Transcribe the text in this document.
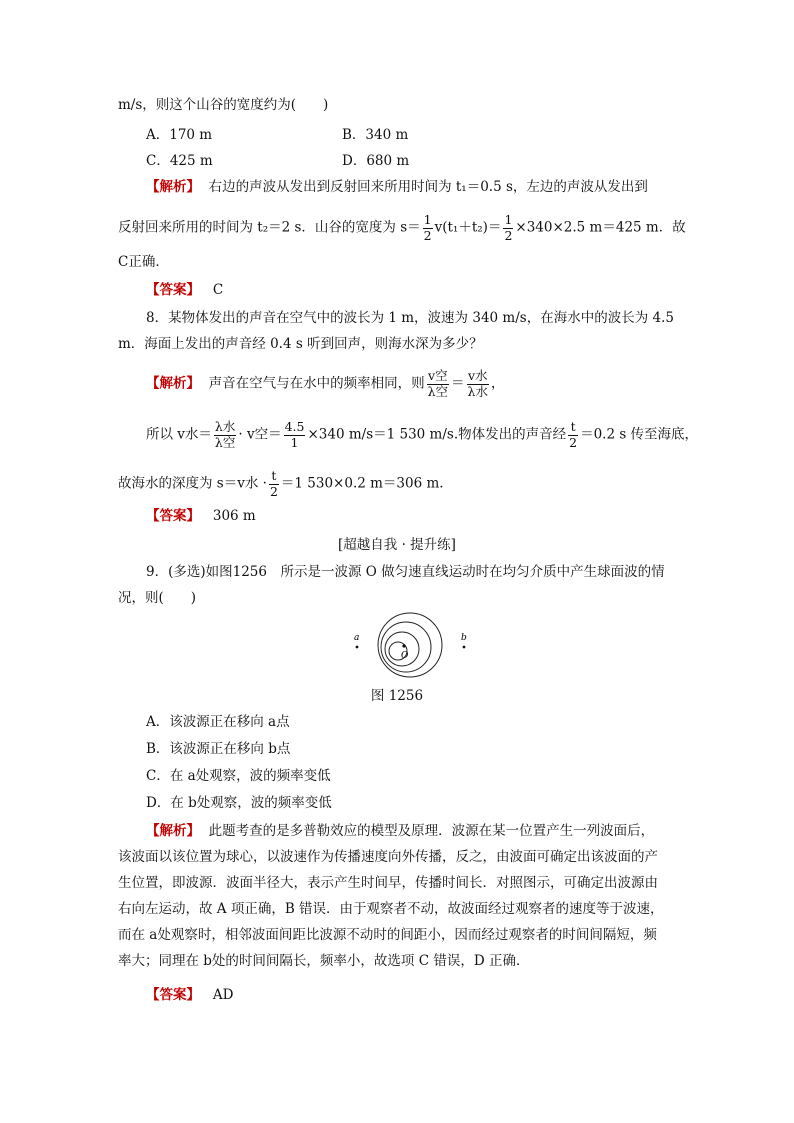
m/s，则这个山谷的宽度约为(　　)
A．170 m	B．340 m
C．425 m	D．680 m
【解析】 右边的声波从发出到反射回来所用时间为 t₁＝0.5 s，左边的声波从发出到
反射回来所用的时间为 t₂＝2 s．山谷的宽度为 $s= \frac{1}{2} v(t_1+t_2)= \frac{1}{2} \times 340\times 2.5$ m＝425 m．故
C正确．
【答案】 C
8．某物体发出的声音在空气中的波长为 1 m，波速为 340 m/s，在海水中的波长为 4.5
m．海面上发出的声音经 0.4 s 听到回声，则海水深为多少？
【解析】 声音在空气与在水中的频率相同，则 $\frac{\text{v空}}{\text{λ空}} = \frac{\text{v水}}{\text{λ水}}$ ，
所以 v水＝ $\frac{\text{λ水}}{\text{λ空}} \cdot v$空＝ $\frac{4.5}{1} \times 340$ m/s＝1 530 m/s.物体发出的声音经 $\frac{t}{2} =0.2$ s 传至海底，
故海水的深度为 s＝v水 · $\frac{t}{2} =1$ 530×0.2 m＝306 m.
【答案】 306 m
[超越自我 · 提升练]
9．(多选)如图1256　所示是一波源 O 做匀速直线运动时在均匀介质中产生球面波的情
况，则(　　)
a	b
O
图 1256
A．该波源正在移向 a点
B．该波源正在移向 b点
C．在 a处观察，波的频率变低
D．在 b处观察，波的频率变低
【解析】 此题考查的是多普勒效应的模型及原理．波源在某一位置产生一列波面后，
该波面以该位置为球心，以波速作为传播速度向外传播，反之，由波面可确定出该波面的产
生位置，即波源．波面半径大，表示产生时间早，传播时间长．对照图示，可确定出波源由
右向左运动，故 A 项正确，B 错误．由于观察者不动，故波面经过观察者的速度等于波速，
而在 a处观察时，相邻波面间距比波源不动时的间距小，因而经过观察者的时间间隔短，频
率大；同理在 b处的时间间隔长，频率小，故选项 C 错误，D 正确．
【答案】 AD
